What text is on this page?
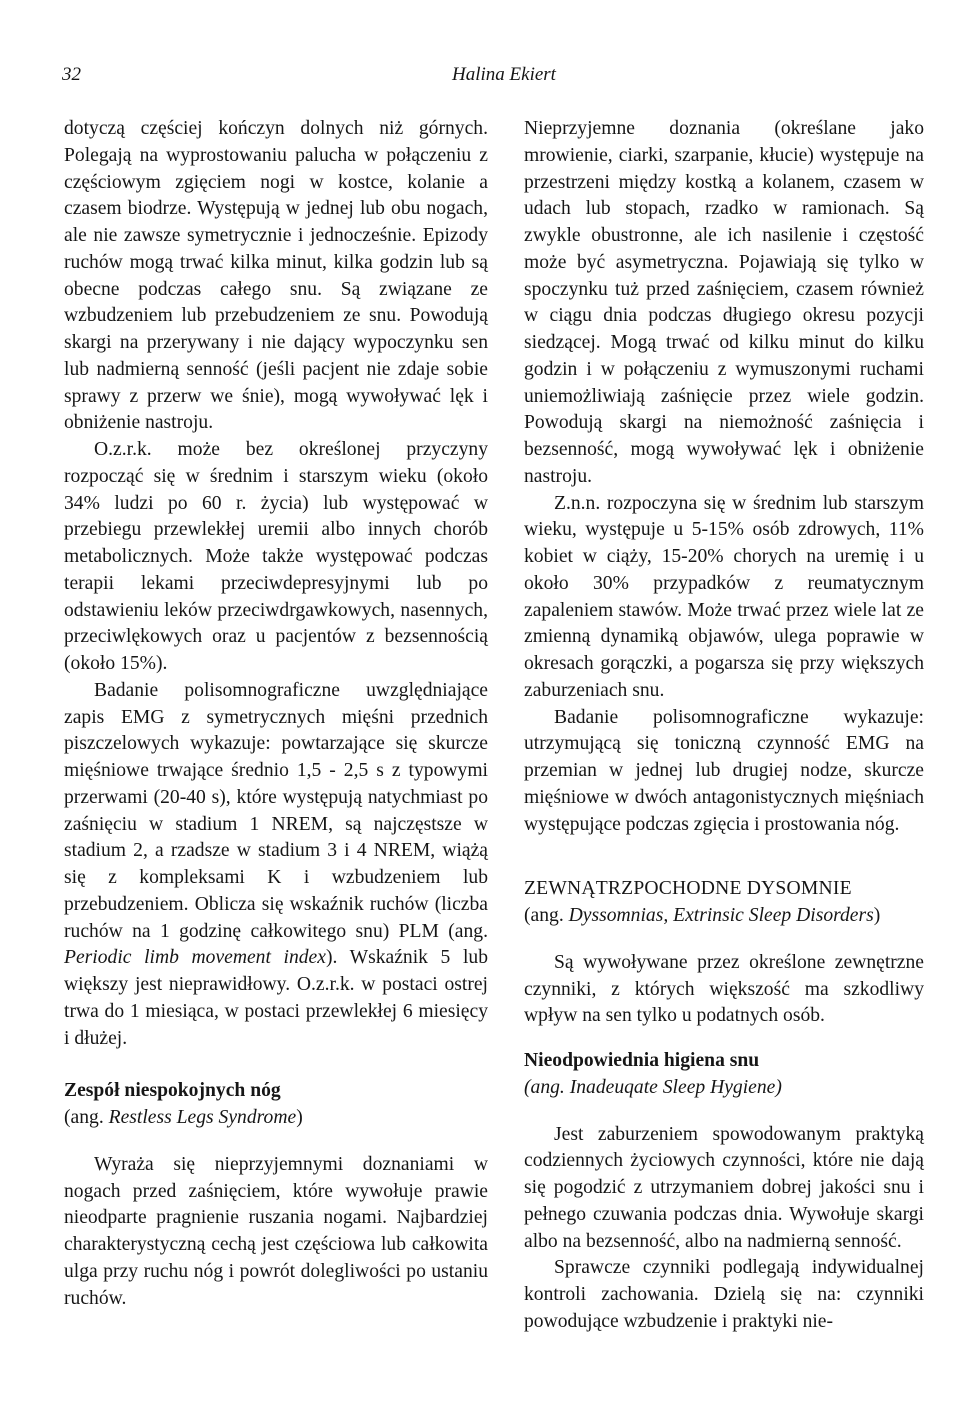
32	Halina Ekiert

dotyczą częściej kończyn dolnych niż górnych. Polegają na wyprostowaniu palucha w połączeniu z częściowym zgięciem nogi w kostce, kolanie a czasem biodrze. Występują w jednej lub obu nogach, ale nie zawsze symetrycznie i jednocześnie. Epizody ruchów mogą trwać kilka minut, kilka godzin lub są obecne podczas całego snu. Są związane ze wzbudzeniem lub przebudzeniem ze snu. Powodują skargi na przerywany i nie dający wypoczynku sen lub nadmierną senność (jeśli pacjent nie zdaje sobie sprawy z przerw we śnie), mogą wywoływać lęk i obniżenie nastroju.

O.z.r.k. może bez określonej przyczyny rozpocząć się w średnim i starszym wieku (około 34% ludzi po 60 r. życia) lub występować w przebiegu przewlekłej uremii albo innych chorób metabolicznych. Może także występować podczas terapii lekami przeciwdepresyjnymi lub po odstawieniu leków przeciwdrgawkowych, nasennych, przeciwlękowych oraz u pacjentów z bezsennością (około 15%).

Badanie polisomnograficzne uwzględniające zapis EMG z symetrycznych mięśni przednich piszczelowych wykazuje: powtarzające się skurcze mięśniowe trwające średnio 1,5 - 2,5 s z typowymi przerwami (20-40 s), które występują natychmiast po zaśnięciu w stadium 1 NREM, są najczęstsze w stadium 2, a rzadsze w stadium 3 i 4 NREM, wiążą się z kompleksami K i wzbudzeniem lub przebudzeniem. Oblicza się wskaźnik ruchów (liczba ruchów na 1 godzinę całkowitego snu) PLM (ang. Periodic limb movement index). Wskaźnik 5 lub większy jest nieprawidłowy. O.z.r.k. w postaci ostrej trwa do 1 miesiąca, w postaci przewlekłej 6 miesięcy i dłużej.

Zespół niespokojnych nóg
(ang. Restless Legs Syndrome)

Wyraża się nieprzyjemnymi doznaniami w nogach przed zaśnięciem, które wywołuje prawie nieodparte pragnienie ruszania nogami. Najbardziej charakterystyczną cechą jest częściowa lub całkowita ulga przy ruchu nóg i powrót dolegliwości po ustaniu ruchów.

Nieprzyjemne doznania (określane jako mrowienie, ciarki, szarpanie, kłucie) występuje na przestrzeni między kostką a kolanem, czasem w udach lub stopach, rzadko w ramionach. Są zwykle obustronne, ale ich nasilenie i częstość może być asymetryczna. Pojawiają się tylko w spoczynku tuż przed zaśnięciem, czasem również w ciągu dnia podczas długiego okresu pozycji siedzącej. Mogą trwać od kilku minut do kilku godzin i w połączeniu z wymuszonymi ruchami uniemożliwiają zaśnięcie przez wiele godzin. Powodują skargi na niemożność zaśnięcia i bezsenność, mogą wywoływać lęk i obniżenie nastroju.

Z.n.n. rozpoczyna się w średnim lub starszym wieku, występuje u 5-15% osób zdrowych, 11% kobiet w ciąży, 15-20% chorych na uremię i u około 30% przypadków z reumatycznym zapaleniem stawów. Może trwać przez wiele lat ze zmienną dynamiką objawów, ulega poprawie w okresach gorączki, a pogarsza się przy większych zaburzeniach snu.

Badanie polisomnograficzne wykazuje: utrzymującą się toniczną czynność EMG na przemian w jednej lub drugiej nodze, skurcze mięśniowe w dwóch antagonistycznych mięśniach występujące podczas zgięcia i prostowania nóg.

ZEWNĄTRZPOCHODNE DYSOMNIE
(ang. Dyssomnias, Extrinsic Sleep Disorders)

Są wywoływane przez określone zewnętrzne czynniki, z których większość ma szkodliwy wpływ na sen tylko u podatnych osób.

Nieodpowiednia higiena snu
(ang. Inadeuqate Sleep Hygiene)

Jest zaburzeniem spowodowanym praktyką codziennych życiowych czynności, które nie dają się pogodzić z utrzymaniem dobrej jakości snu i pełnego czuwania podczas dnia. Wywołuje skargi albo na bezsenność, albo na nadmierną senność.

Sprawcze czynniki podlegają indywidualnej kontroli zachowania. Dzielą się na: czynniki powodujące wzbudzenie i praktyki nie-
